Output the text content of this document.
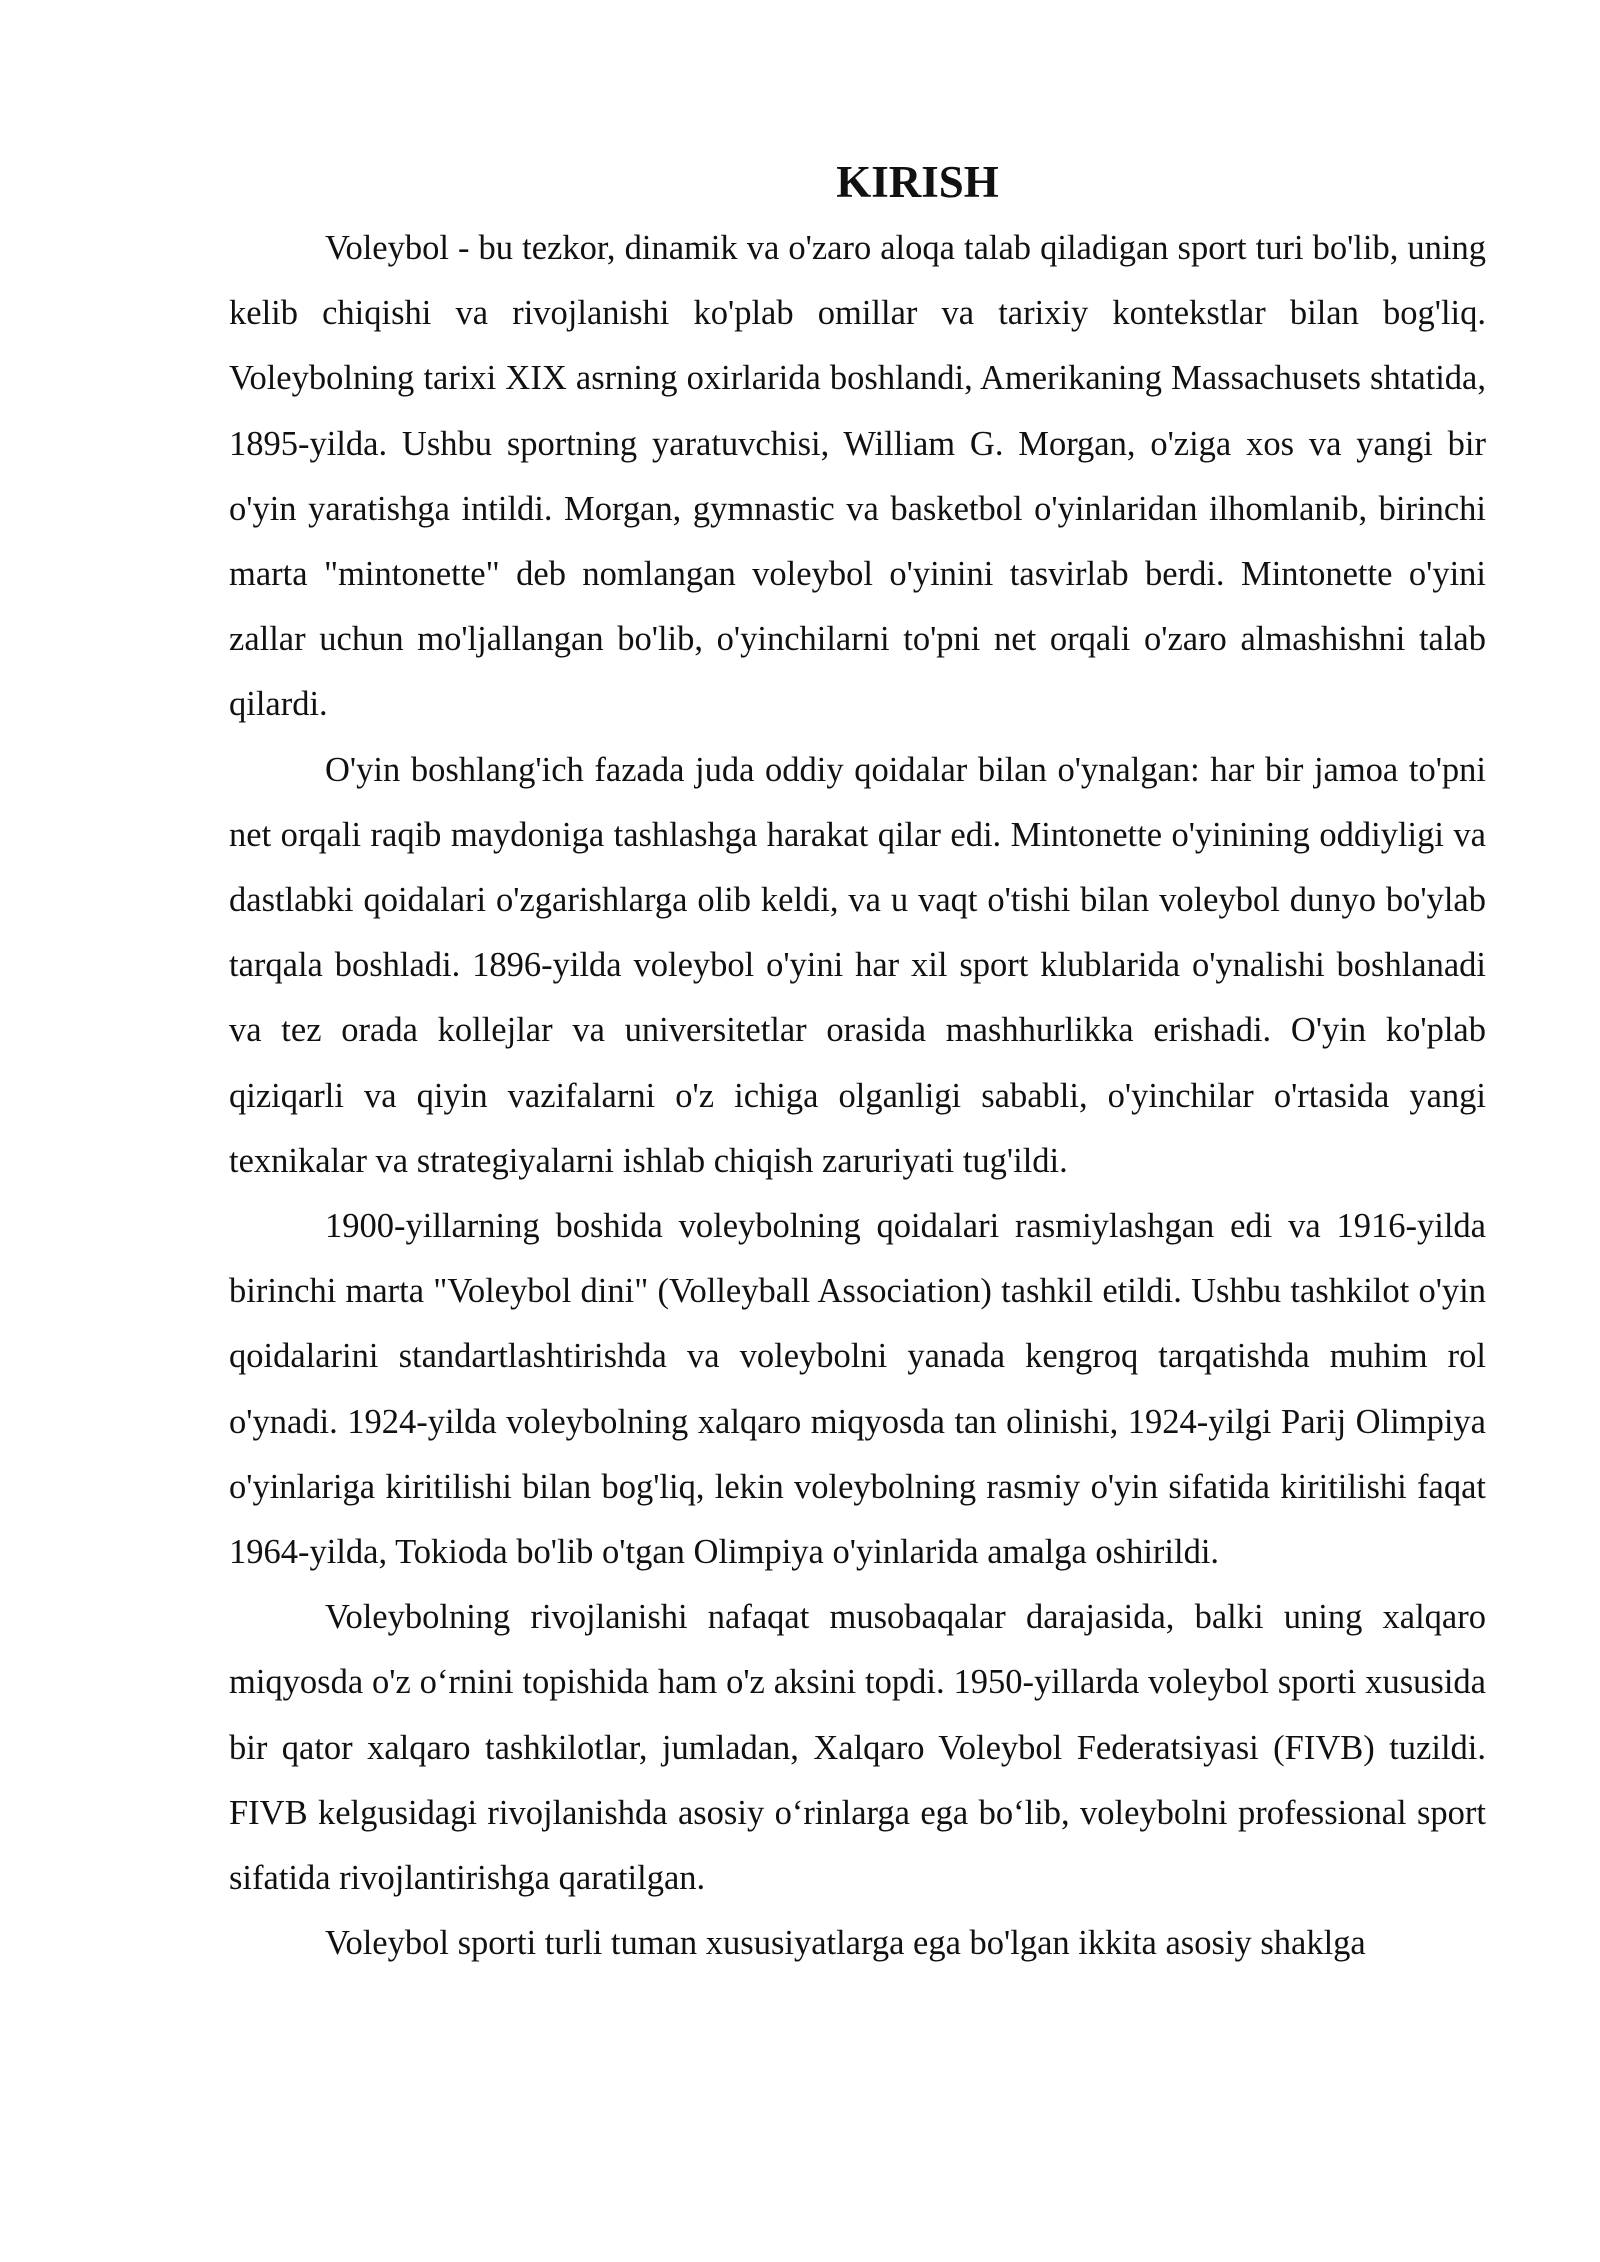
KIRISH

Voleybol - bu tezkor, dinamik va o'zaro aloqa talab qiladigan sport turi bo'lib, uning kelib chiqishi va rivojlanishi ko'plab omillar va tarixiy kontekstlar bilan bog'liq. Voleybolning tarixi XIX asrning oxirlarida boshlandi, Amerikaning Massachusets shtatida, 1895-yilda. Ushbu sportning yaratuvchisi, William G. Morgan, o'ziga xos va yangi bir o'yin yaratishga intildi. Morgan, gymnastic va basketbol o'yinlaridan ilhomlanib, birinchi marta "mintonette" deb nomlangan voleybol o'yinini tasvirlab berdi. Mintonette o'yini zallar uchun mo'ljallangan bo'lib, o'yinchilarni to'pni net orqali o'zaro almashishni talab qilardi.

O'yin boshlang'ich fazada juda oddiy qoidalar bilan o'ynalgan: har bir jamoa to'pni net orqali raqib maydoniga tashlashga harakat qilar edi. Mintonette o'yinining oddiyligi va dastlabki qoidalari o'zgarishlarga olib keldi, va u vaqt o'tishi bilan voleybol dunyo bo'ylab tarqala boshladi. 1896-yilda voleybol o'yini har xil sport klublarida o'ynalishi boshlanadi va tez orada kollejlar va universitetlar orasida mashhurlikka erishadi. O'yin ko'plab qiziqarli va qiyin vazifalarni o'z ichiga olganligi sababli, o'yinchilar o'rtasida yangi texnikalar va strategiyalarni ishlab chiqish zaruriyati tug'ildi.

1900-yillarning boshida voleybolning qoidalari rasmiylashgan edi va 1916-yilda birinchi marta "Voleybol dini" (Volleyball Association) tashkil etildi. Ushbu tashkilot o'yin qoidalarini standartlashtirishda va voleybolni yanada kengroq tarqatishda muhim rol o'ynadi. 1924-yilda voleybolning xalqaro miqyosda tan olinishi, 1924-yilgi Parij Olimpiya o'yinlariga kiritilishi bilan bog'liq, lekin voleybolning rasmiy o'yin sifatida kiritilishi faqat 1964-yilda, Tokioda bo'lib o'tgan Olimpiya o'yinlarida amalga oshirildi.

Voleybolning rivojlanishi nafaqat musobaqalar darajasida, balki uning xalqaro miqyosda o'z o‘rnini topishida ham o'z aksini topdi. 1950-yillarda voleybol sporti xususida bir qator xalqaro tashkilotlar, jumladan, Xalqaro Voleybol Federatsiyasi (FIVB) tuzildi. FIVB kelgusidagi rivojlanishda asosiy o‘rinlarga ega bo‘lib, voleybolni professional sport sifatida rivojlantirishga qaratilgan.

Voleybol sporti turli tuman xususiyatlarga ega bo'lgan ikkita asosiy shaklga
